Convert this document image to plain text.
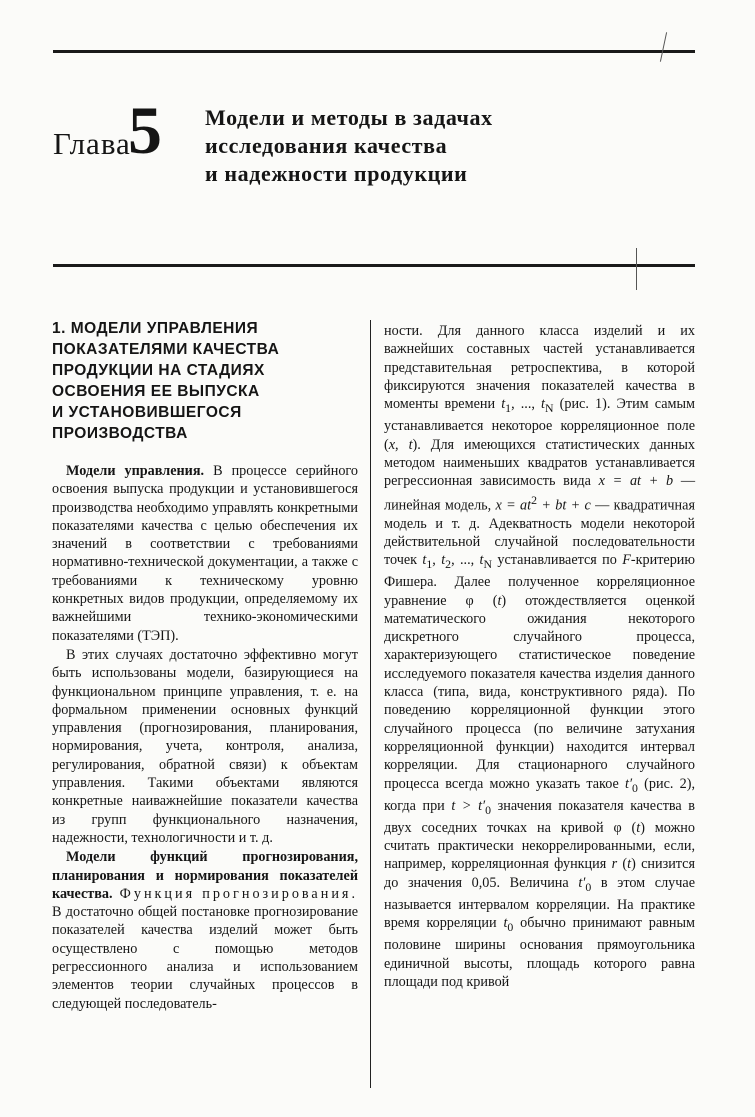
Глава
5 Модели и методы в задачах
исследования качества
и надежности продукции
1. МОДЕЛИ УПРАВЛЕНИЯ
ПОКАЗАТЕЛЯМИ КАЧЕСТВА
ПРОДУКЦИИ НА СТАДИЯХ
ОСВОЕНИЯ ЕЕ ВЫПУСКА
И УСТАНОВИВШЕГОСЯ
ПРОИЗВОДСТВА

Модели управления. В процессе серийного освоения выпуска продукции и установившегося производства необходимо управлять конкретными показателями качества с целью обеспечения их значений в соответствии с требованиями нормативно-технической документации, а также с требованиями к техническому уровню конкретных видов продукции, определяемому их важнейшими технико-экономическими показателями (ТЭП).

В этих случаях достаточно эффективно могут быть использованы модели, базирующиеся на функциональном принципе управления, т. е. на формальном применении основных функций управления (прогнозирования, планирования, нормирования, учета, контроля, анализа, регулирования, обратной связи) к объектам управления. Такими объектами являются конкретные наиважнейшие показатели качества из групп функционального назначения, надежности, технологичности и т. д.

Модели функций прогнозирования, планирования и нормирования показателей качества. Функция прогнозирования. В достаточно общей постановке прогнозирование показателей качества изделий может быть осуществлено с помощью методов регрессионного анализа и использованием элементов теории случайных процессов в следующей последователь-

ности. Для данного класса изделий и их важнейших составных частей устанавливается представительная ретроспектива, в которой фиксируются значения показателей качества в моменты времени $t_1$, ..., $t_N$ (рис. 1). Этим самым устанавливается некоторое корреляционное поле (x, t). Для имеющихся статистических данных методом наименьших квадратов устанавливается регрессионная зависимость вида x = at + b — линейная модель, $x = at^2$ + bt + c — квадратичная модель и т. д. Адекватность модели некоторой действительной случайной последовательности точек $t_1$, $t_2$, ..., $t_N$ устанавливается по F-критерию Фишера. Далее полученное корреляционное уравнение φ (t) отождествляется оценкой математического ожидания некоторого дискретного случайного процесса, характеризующего статистическое поведение исследуемого показателя качества изделия данного класса (типа, вида, конструктивного ряда). По поведению корреляционной функции этого случайного процесса (по величине затухания корреляционной функции) находится интервал корреляции. Для стационарного случайного процесса всегда можно указать такое $t'_0$ (рис. 2), когда при $t > t'_0$ значения показателя качества в двух соседних точках на кривой φ (t) можно считать практически некоррелированными, если, например, корреляционная функция r (t) снизится до значения 0,05. Величина $t'_0$ в этом случае называется интервалом корреляции. На практике время корреляции $t_0$ обычно принимают равным половине ширины основания прямоугольника единичной высоты, площадь которого равна площади под кривой
